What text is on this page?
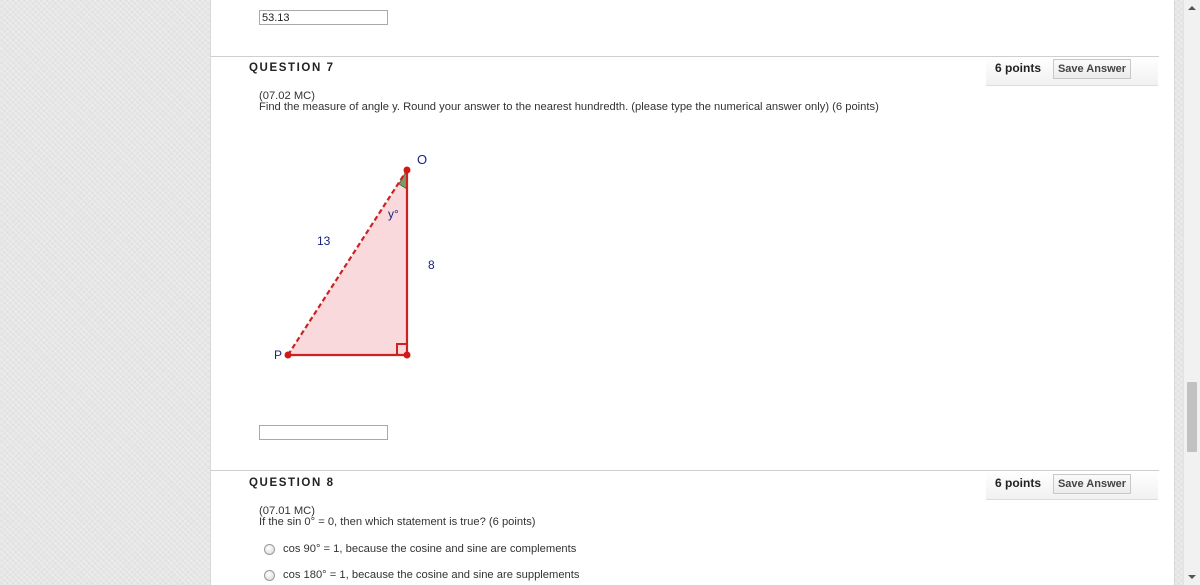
53.13
QUESTION 7	6 points	Save Answer
(07.02 MC)
Find the measure of angle y. Round your answer to the nearest hundredth. (please type the numerical answer only) (6 points)
O
P
y°
13
8
QUESTION 8	6 points	Save Answer
(07.01 MC)
If the sin 0° = 0, then which statement is true? (6 points)
cos 90° = 1, because the cosine and sine are complements
cos 180° = 1, because the cosine and sine are supplements
